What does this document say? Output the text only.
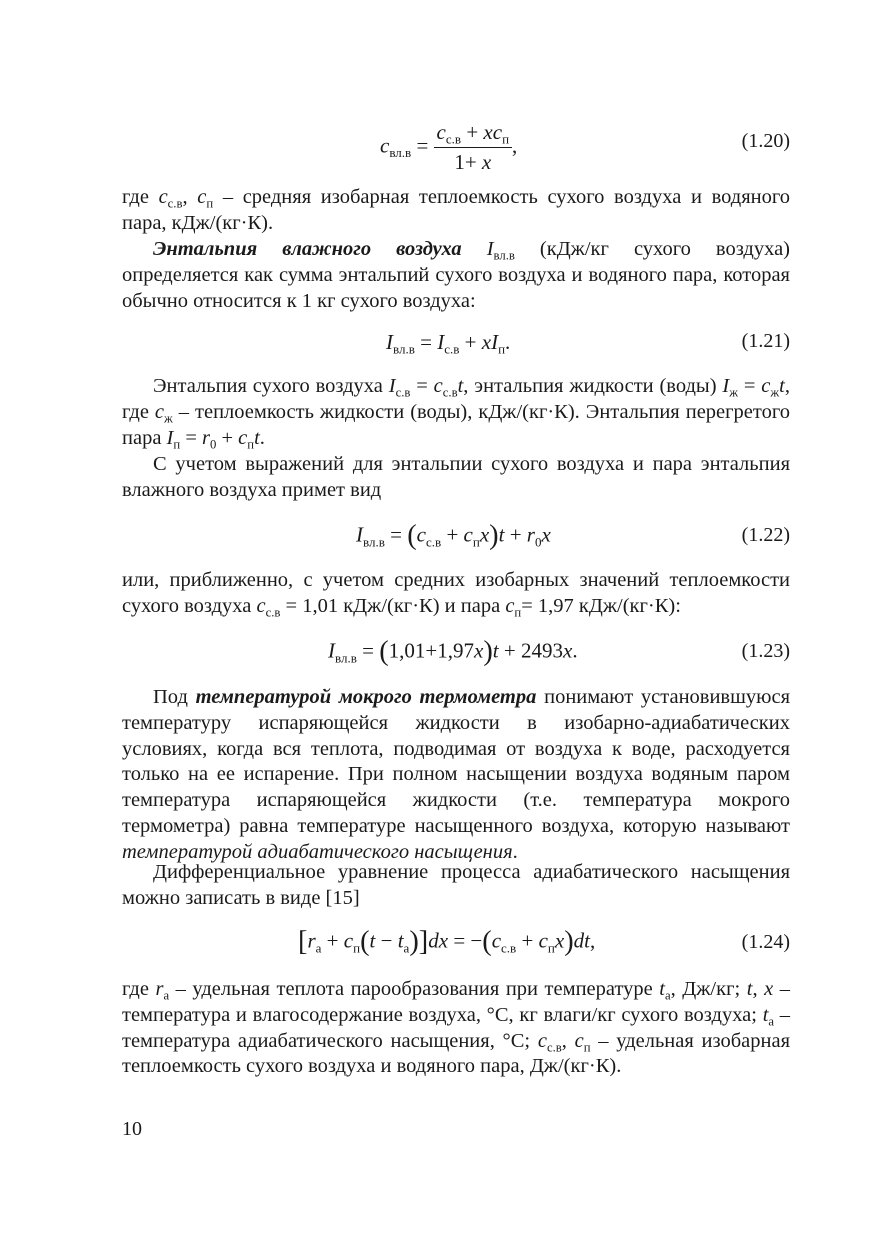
$c_{вл.в} = \frac{c_{с.в} + xc_п}{1+ x}$ ,	(1.20)

где $c_{с.в}$, $c_п$ – средняя изобарная теплоемкость сухого воздуха и водяного пара, кДж/(кг·К).

Энтальпия влажного воздуха $I_{вл.в}$ (кДж/кг сухого воздуха) определяется как сумма энтальпий сухого воздуха и водяного пара, которая обычно относится к 1 кг сухого воздуха:

$I_{вл.в} = I_{с.в} + xI_п$.	(1.21)

Энтальпия сухого воздуха $I_{с.в} = c_{с.в}t$, энтальпия жидкости (воды) $I_ж = c_жt$, где $c_ж$ – теплоемкость жидкости (воды), кДж/(кг·К). Энтальпия перегретого пара $I_п = r_0 + c_пt$.

С учетом выражений для энтальпии сухого воздуха и пара энтальпия влажного воздуха примет вид

$I_{вл.в} = (c_{с.в} + c_пx)t + r_0x$	(1.22)

или, приближенно, с учетом средних изобарных значений теплоемкости сухого воздуха $c_{с.в} = 1,01$ кДж/(кг·К) и пара $c_п= 1,97$ кДж/(кг·К):

$I_{вл.в} = (1,01+1,97x)t + 2493x$.	(1.23)

Под температурой мокрого термометра понимают установившуюся температуру испаряющейся жидкости в изобарно-адиабатических условиях, когда вся теплота, подводимая от воздуха к воде, расходуется только на ее испарение. При полном насыщении воздуха водяным паром температура испаряющейся жидкости (т.е. температура мокрого термометра) равна температуре насыщенного воздуха, которую называют температурой адиабатического насыщения.

Дифференциальное уравнение процесса адиабатического насыщения можно записать в виде [15]

$[r_а + c_п(t - t_а)]dx = -(c_{с.в} + c_пx)dt$,	(1.24)

где $r_а$ – удельная теплота парообразования при температуре $t_а$, Дж/кг; t, x – температура и влагосодержание воздуха, °С, кг влаги/кг сухого воздуха; $t_а$ – температура адиабатического насыщения, °С; $c_{с.в}$, $c_п$ – удельная изобарная теплоемкость сухого воздуха и водяного пара, Дж/(кг·К).

10
